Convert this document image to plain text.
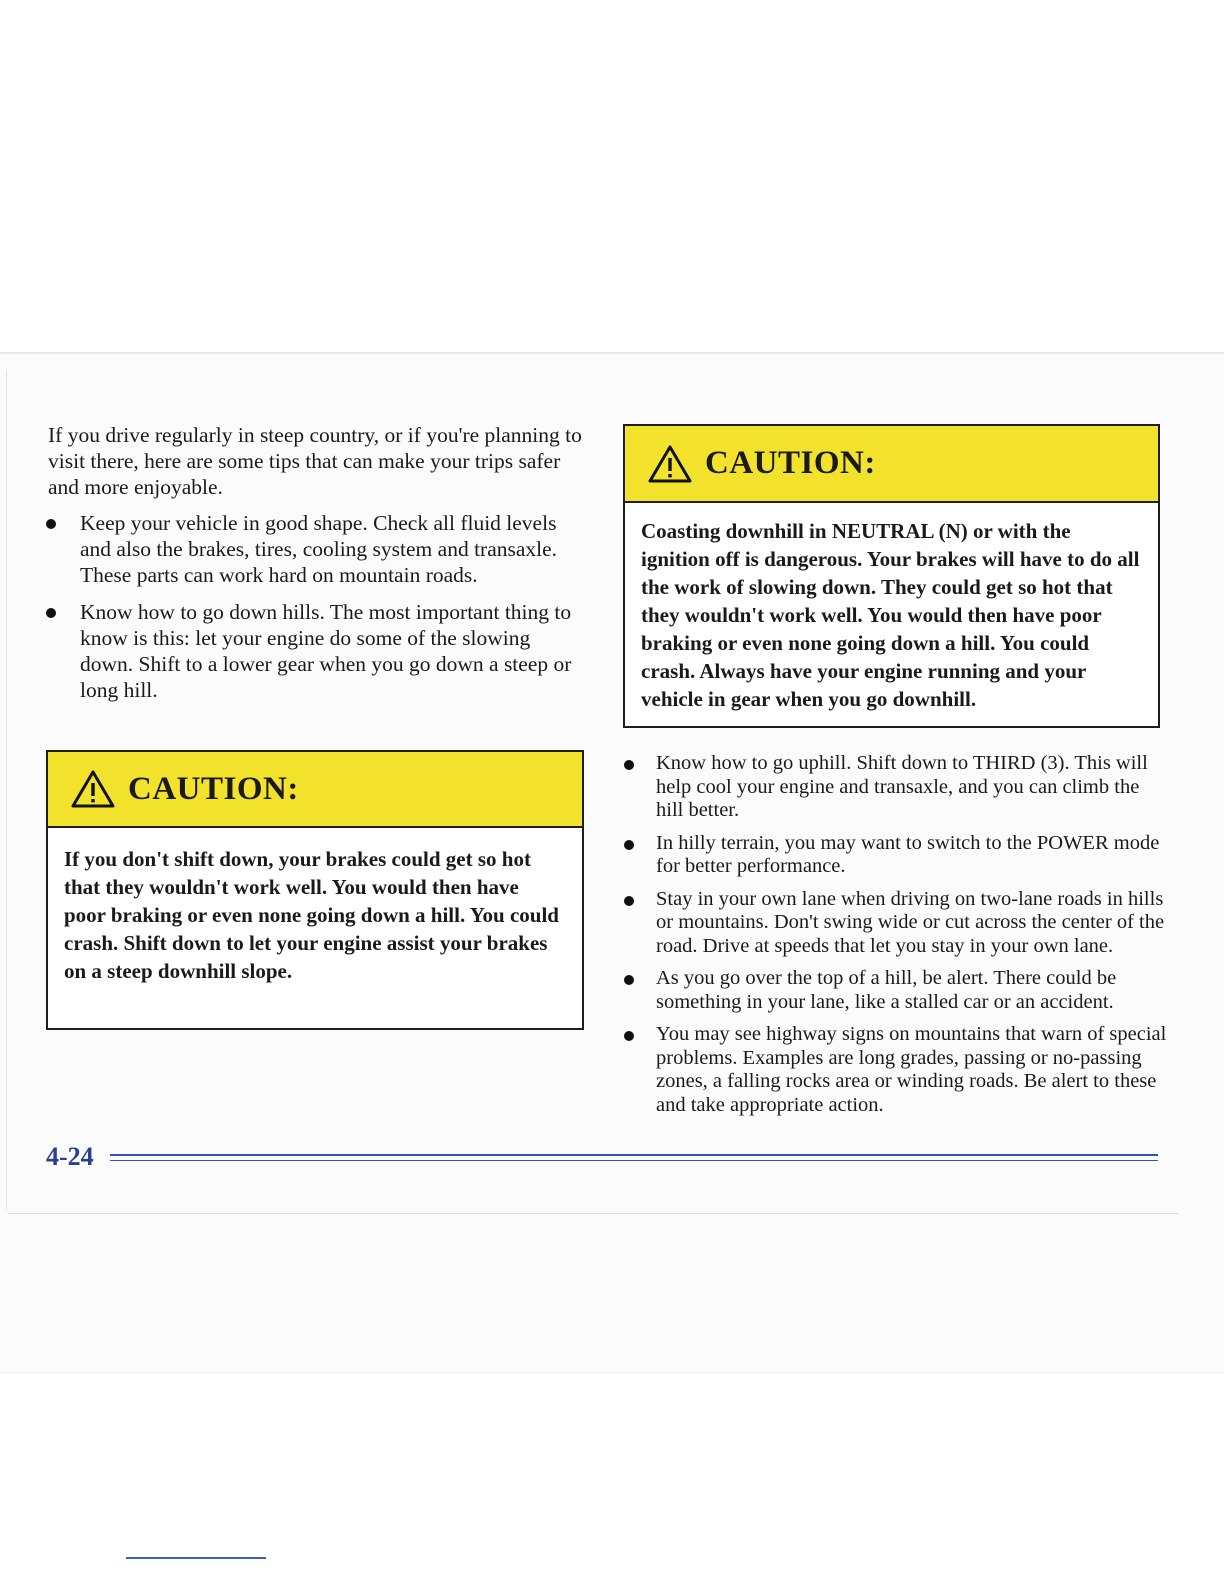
If you drive regularly in steep country, or if you're planning to visit there, here are some tips that can make your trips safer and more enjoyable.

Keep your vehicle in good shape. Check all fluid levels and also the brakes, tires, cooling system and transaxle. These parts can work hard on mountain roads.
Know how to go down hills. The most important thing to know is this: let your engine do some of the slowing down. Shift to a lower gear when you go down a steep or long hill.
CAUTION:
If you don't shift down, your brakes could get so hot that they wouldn't work well. You would then have poor braking or even none going down a hill. You could crash. Shift down to let your engine assist your brakes on a steep downhill slope.
CAUTION:
Coasting downhill in NEUTRAL (N) or with the ignition off is dangerous. Your brakes will have to do all the work of slowing down. They could get so hot that they wouldn't work well. You would then have poor braking or even none going down a hill. You could crash. Always have your engine running and your vehicle in gear when you go downhill.
Know how to go uphill. Shift down to THIRD (3). This will help cool your engine and transaxle, and you can climb the hill better.
In hilly terrain, you may want to switch to the POWER mode for better performance.
Stay in your own lane when driving on two-lane roads in hills or mountains. Don't swing wide or cut across the center of the road. Drive at speeds that let you stay in your own lane.
As you go over the top of a hill, be alert. There could be something in your lane, like a stalled car or an accident.
You may see highway signs on mountains that warn of special problems. Examples are long grades, passing or no-passing zones, a falling rocks area or winding roads. Be alert to these and take appropriate action.
4-24
